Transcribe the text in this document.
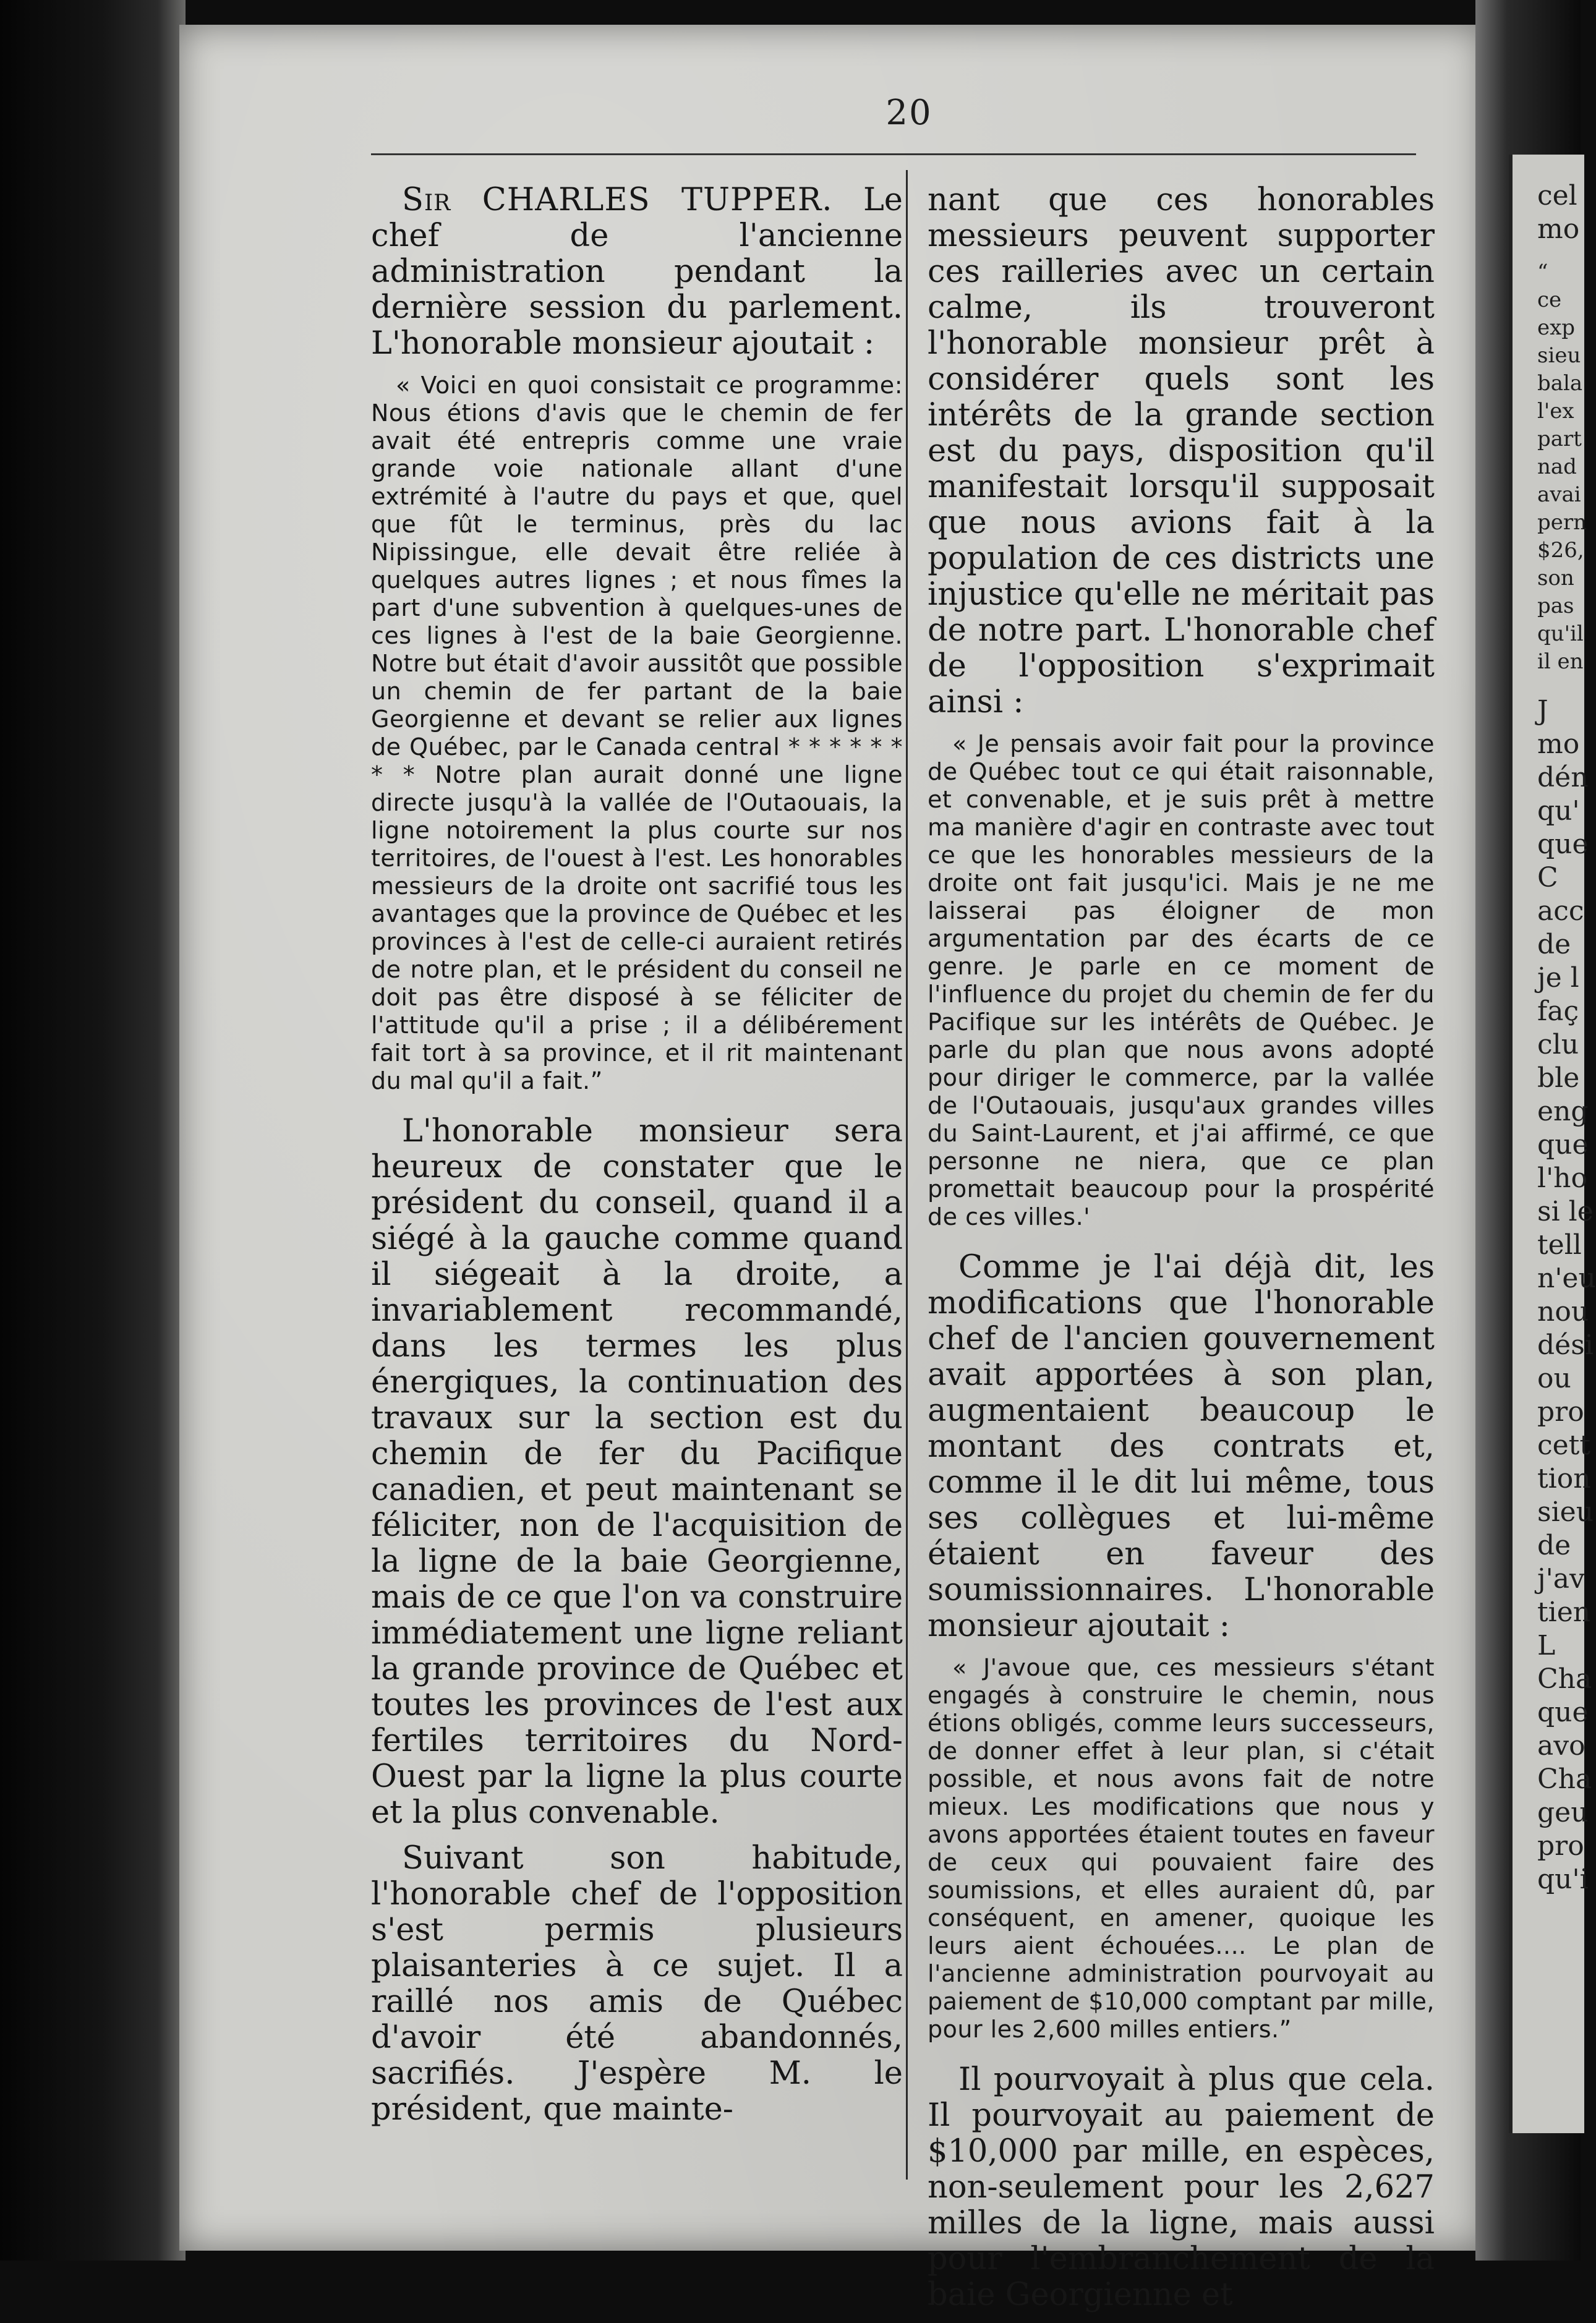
cel
mo
“
ce
exp
sieu
bala
l'ex
part
nad
avai
pern
$26,
son
pas
qu'il
il en
J
mo
dén
qu'
que
C
acc
de
je l
faç
clu
ble
eng
que
l'ho
si le
tell
n'eu
nou
dési
ou
pro
cett
tion
sieu
de
j'av
tien
L
Cha
que
avo
Cha
geu
pro
qu'i
20

Sir CHARLES TUPPER. Le chef de l'ancienne administration pendant la dernière session du parlement. L'honorable monsieur ajoutait :

« Voici en quoi consistait ce programme: Nous étions d'avis que le chemin de fer avait été entrepris comme une vraie grande voie nationale allant d'une extrémité à l'autre du pays et que, quel que fût le terminus, près du lac Nipissingue, elle devait être reliée à quelques autres lignes ; et nous fîmes la part d'une subvention à quelques-unes de ces lignes à l'est de la baie Georgienne. Notre but était d'avoir aussitôt que possible un chemin de fer partant de la baie Georgienne et devant se relier aux lignes de Québec, par le Canada central * * * * * * * * Notre plan aurait donné une ligne directe jusqu'à la vallée de l'Outaouais, la ligne notoirement la plus courte sur nos territoires, de l'ouest à l'est. Les honorables messieurs de la droite ont sacrifié tous les avantages que la province de Québec et les provinces à l'est de celle-ci auraient retirés de notre plan, et le président du conseil ne doit pas être disposé à se féliciter de l'attitude qu'il a prise ; il a délibérement fait tort à sa province, et il rit maintenant du mal qu'il a fait.”

L'honorable monsieur sera heureux de constater que le président du conseil, quand il a siégé à la gauche comme quand il siégeait à la droite, a invariablement recommandé, dans les termes les plus énergiques, la continuation des travaux sur la section est du chemin de fer du Pacifique canadien, et peut maintenant se féliciter, non de l'acquisition de la ligne de la baie Georgienne, mais de ce que l'on va construire immédiatement une ligne reliant la grande province de Québec et toutes les provinces de l'est aux fertiles territoires du Nord-Ouest par la ligne la plus courte et la plus convenable.

Suivant son habitude, l'honorable chef de l'opposition s'est permis plusieurs plaisanteries à ce sujet. Il a raillé nos amis de Québec d'avoir été abandonnés, sacrifiés. J'espère M. le président, que mainte-

nant que ces honorables messieurs peuvent supporter ces railleries avec un certain calme, ils trouveront l'honorable monsieur prêt à considérer quels sont les intérêts de la grande section est du pays, disposition qu'il manifestait lorsqu'il supposait que nous avions fait à la population de ces districts une injustice qu'elle ne méritait pas de notre part. L'honorable chef de l'opposition s'exprimait ainsi :

« Je pensais avoir fait pour la province de Québec tout ce qui était raisonnable, et convenable, et je suis prêt à mettre ma manière d'agir en contraste avec tout ce que les honorables messieurs de la droite ont fait jusqu'ici. Mais je ne me laisserai pas éloigner de mon argumentation par des écarts de ce genre. Je parle en ce moment de l'influence du projet du chemin de fer du Pacifique sur les intérêts de Québec. Je parle du plan que nous avons adopté pour diriger le commerce, par la vallée de l'Outaouais, jusqu'aux grandes villes du Saint-Laurent, et j'ai affirmé, ce que personne ne niera, que ce plan promettait beaucoup pour la prospérité de ces villes.'

Comme je l'ai déjà dit, les modifications que l'honorable chef de l'ancien gouvernement avait apportées à son plan, augmentaient beaucoup le montant des contrats et, comme il le dit lui même, tous ses collègues et lui-même étaient en faveur des soumissionnaires. L'honorable monsieur ajoutait :

« J'avoue que, ces messieurs s'étant engagés à construire le chemin, nous étions obligés, comme leurs successeurs, de donner effet à leur plan, si c'était possible, et nous avons fait de notre mieux. Les modifications que nous y avons apportées étaient toutes en faveur de ceux qui pouvaient faire des soumissions, et elles auraient dû, par conséquent, en amener, quoique les leurs aient échouées.... Le plan de l'ancienne administration pourvoyait au paiement de $10,000 comptant par mille, pour les 2,600 milles entiers.”

Il pourvoyait à plus que cela. Il pourvoyait au paiement de $10,000 par mille, en espèces, non-seulement pour les 2,627 milles de la ligne, mais aussi pour l'embranchement de la baie Georgienne et
